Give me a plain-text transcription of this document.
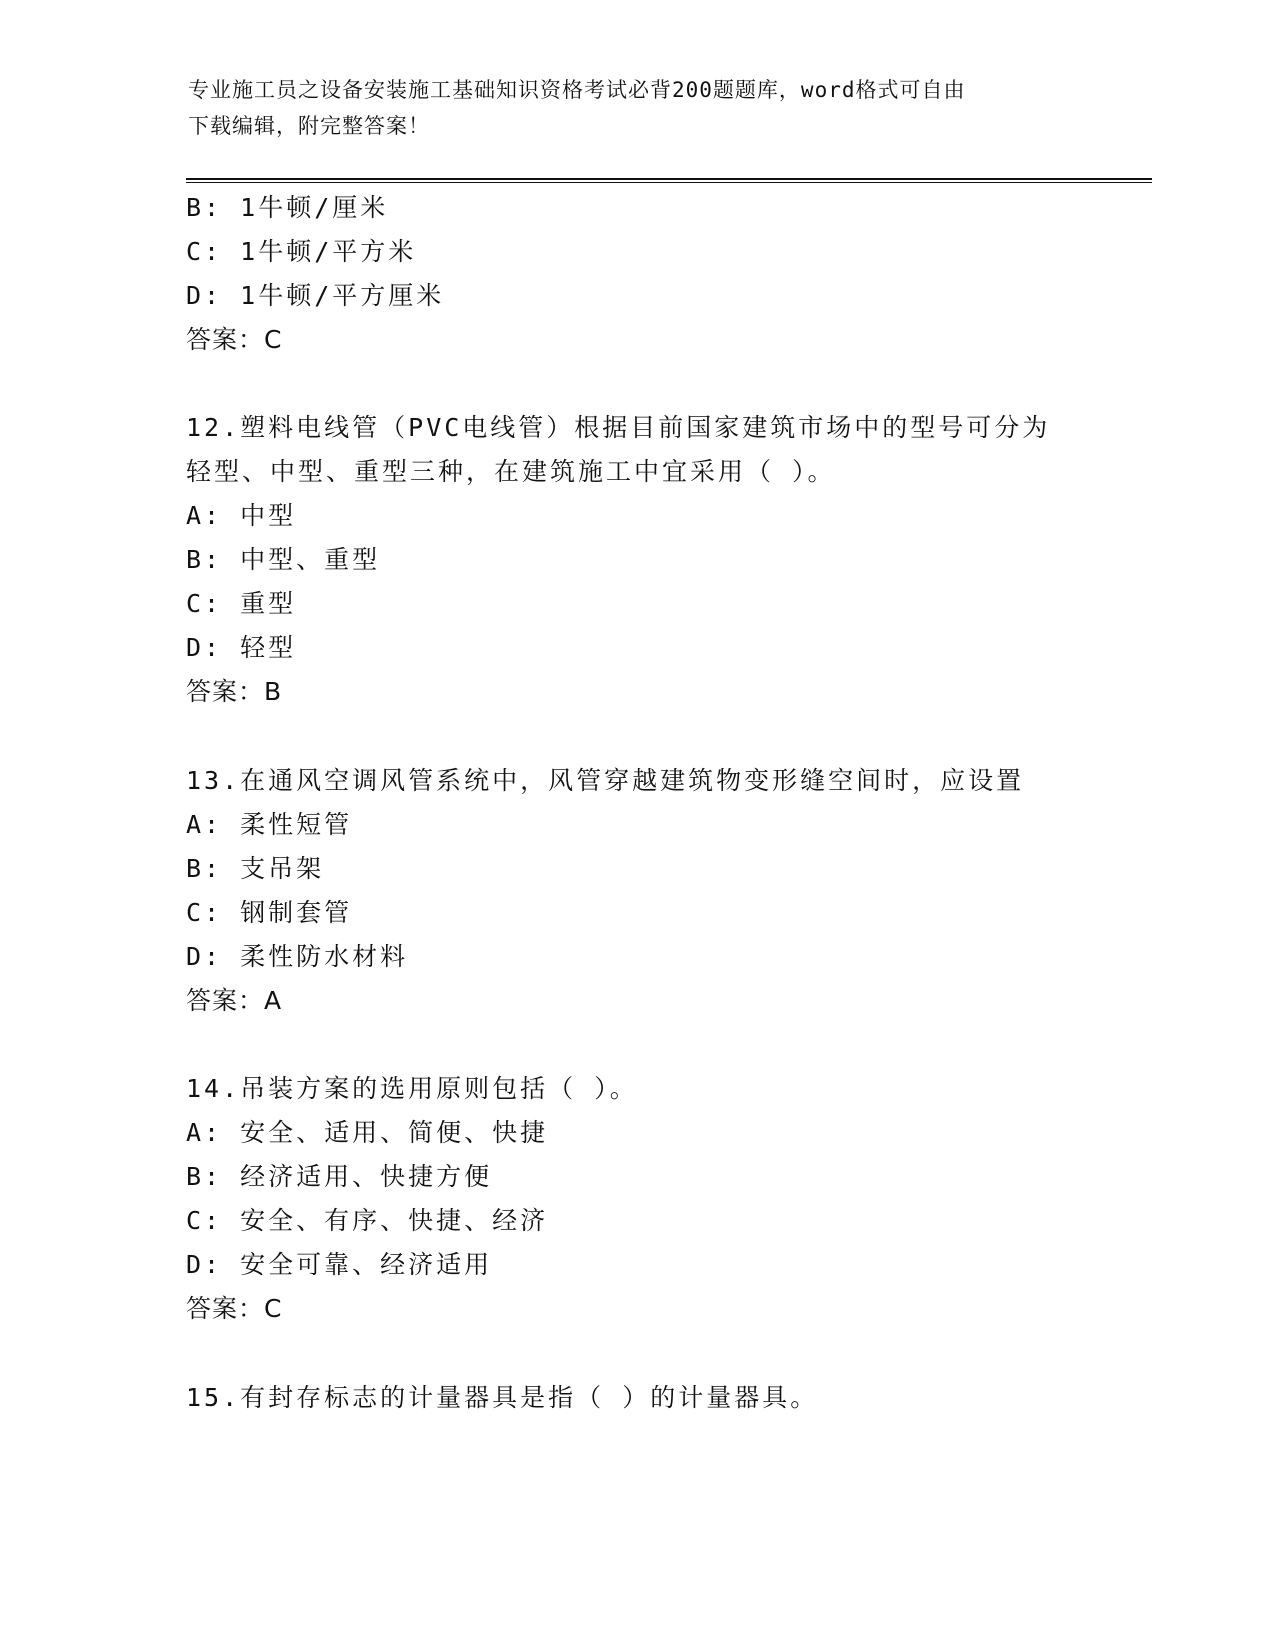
专业施工员之设备安装施工基础知识资格考试必背200题题库，word格式可自由
下载编辑，附完整答案！
B: 1牛顿/厘米
C: 1牛顿/平方米
D: 1牛顿/平方厘米
答案：C
12.塑料电线管（PVC电线管）根据目前国家建筑市场中的型号可分为
轻型、中型、重型三种，在建筑施工中宜采用（ ）。
A: 中型
B: 中型、重型
C: 重型
D: 轻型
答案：B
13.在通风空调风管系统中，风管穿越建筑物变形缝空间时，应设置
A: 柔性短管
B: 支吊架
C: 钢制套管
D: 柔性防水材料
答案：A
14.吊装方案的选用原则包括（ ）。
A: 安全、适用、简便、快捷
B: 经济适用、快捷方便
C: 安全、有序、快捷、经济
D: 安全可靠、经济适用
答案：C
15.有封存标志的计量器具是指（ ）的计量器具。
